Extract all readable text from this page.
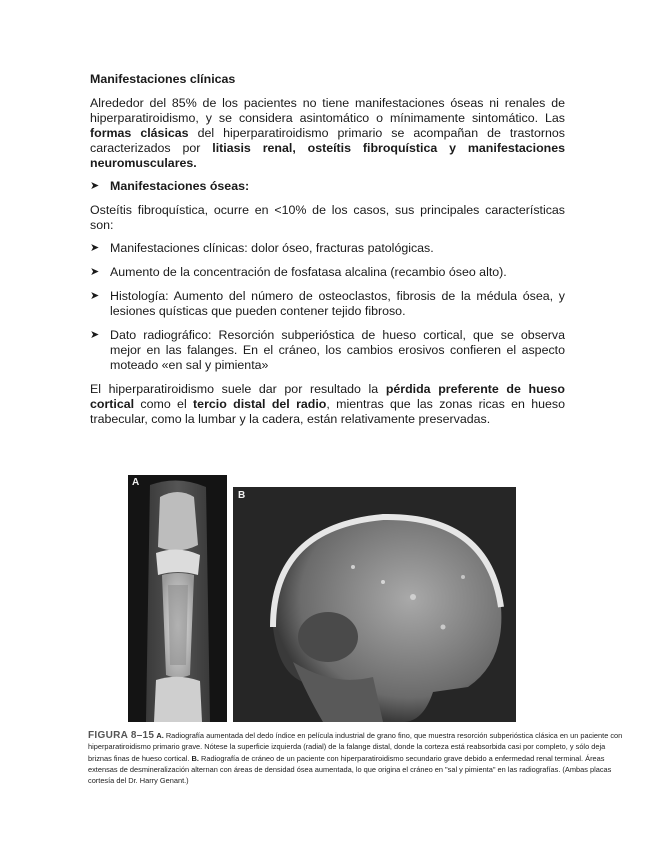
Manifestaciones clínicas

Alrededor del 85% de los pacientes no tiene manifestaciones óseas ni renales de hiperparatiroidismo, y se considera asintomático o mínimamente sintomático. Las formas clásicas del hiperparatiroidismo primario se acompañan de trastornos caracterizados por litiasis renal, osteítis fibroquística y manifestaciones neuromusculares.

➤ Manifestaciones óseas:

Osteítis fibroquística, ocurre en <10% de los casos, sus principales características son:

➤ Manifestaciones clínicas: dolor óseo, fracturas patológicas.
➤ Aumento de la concentración de fosfatasa alcalina (recambio óseo alto).
➤ Histología: Aumento del número de osteoclastos, fibrosis de la médula ósea, y lesiones quísticas que pueden contener tejido fibroso.
➤ Dato radiográfico: Resorción subperióstica de hueso cortical, que se observa mejor en las falanges. En el cráneo, los cambios erosivos confieren el aspecto moteado «en sal y pimienta»

El hiperparatiroidismo suele dar por resultado la pérdida preferente de hueso cortical como el tercio distal del radio, mientras que las zonas ricas en hueso trabecular, como la lumbar y la cadera, están relativamente preservadas.

A
B
FIGURA 8–15 A. Radiografía aumentada del dedo índice en película industrial de grano fino, que muestra resorción subperióstica clásica en un paciente con hiperparatiroidismo primario grave. Nótese la superficie izquierda (radial) de la falange distal, donde la corteza está reabsorbida casi por completo, y sólo deja briznas finas de hueso cortical. B. Radiografía de cráneo de un paciente con hiperparatiroidismo secundario grave debido a enfermedad renal terminal. Áreas extensas de desmineralización alternan con áreas de densidad ósea aumentada, lo que origina el cráneo en "sal y pimienta" en las radiografías. (Ambas placas cortesía del Dr. Harry Genant.)
